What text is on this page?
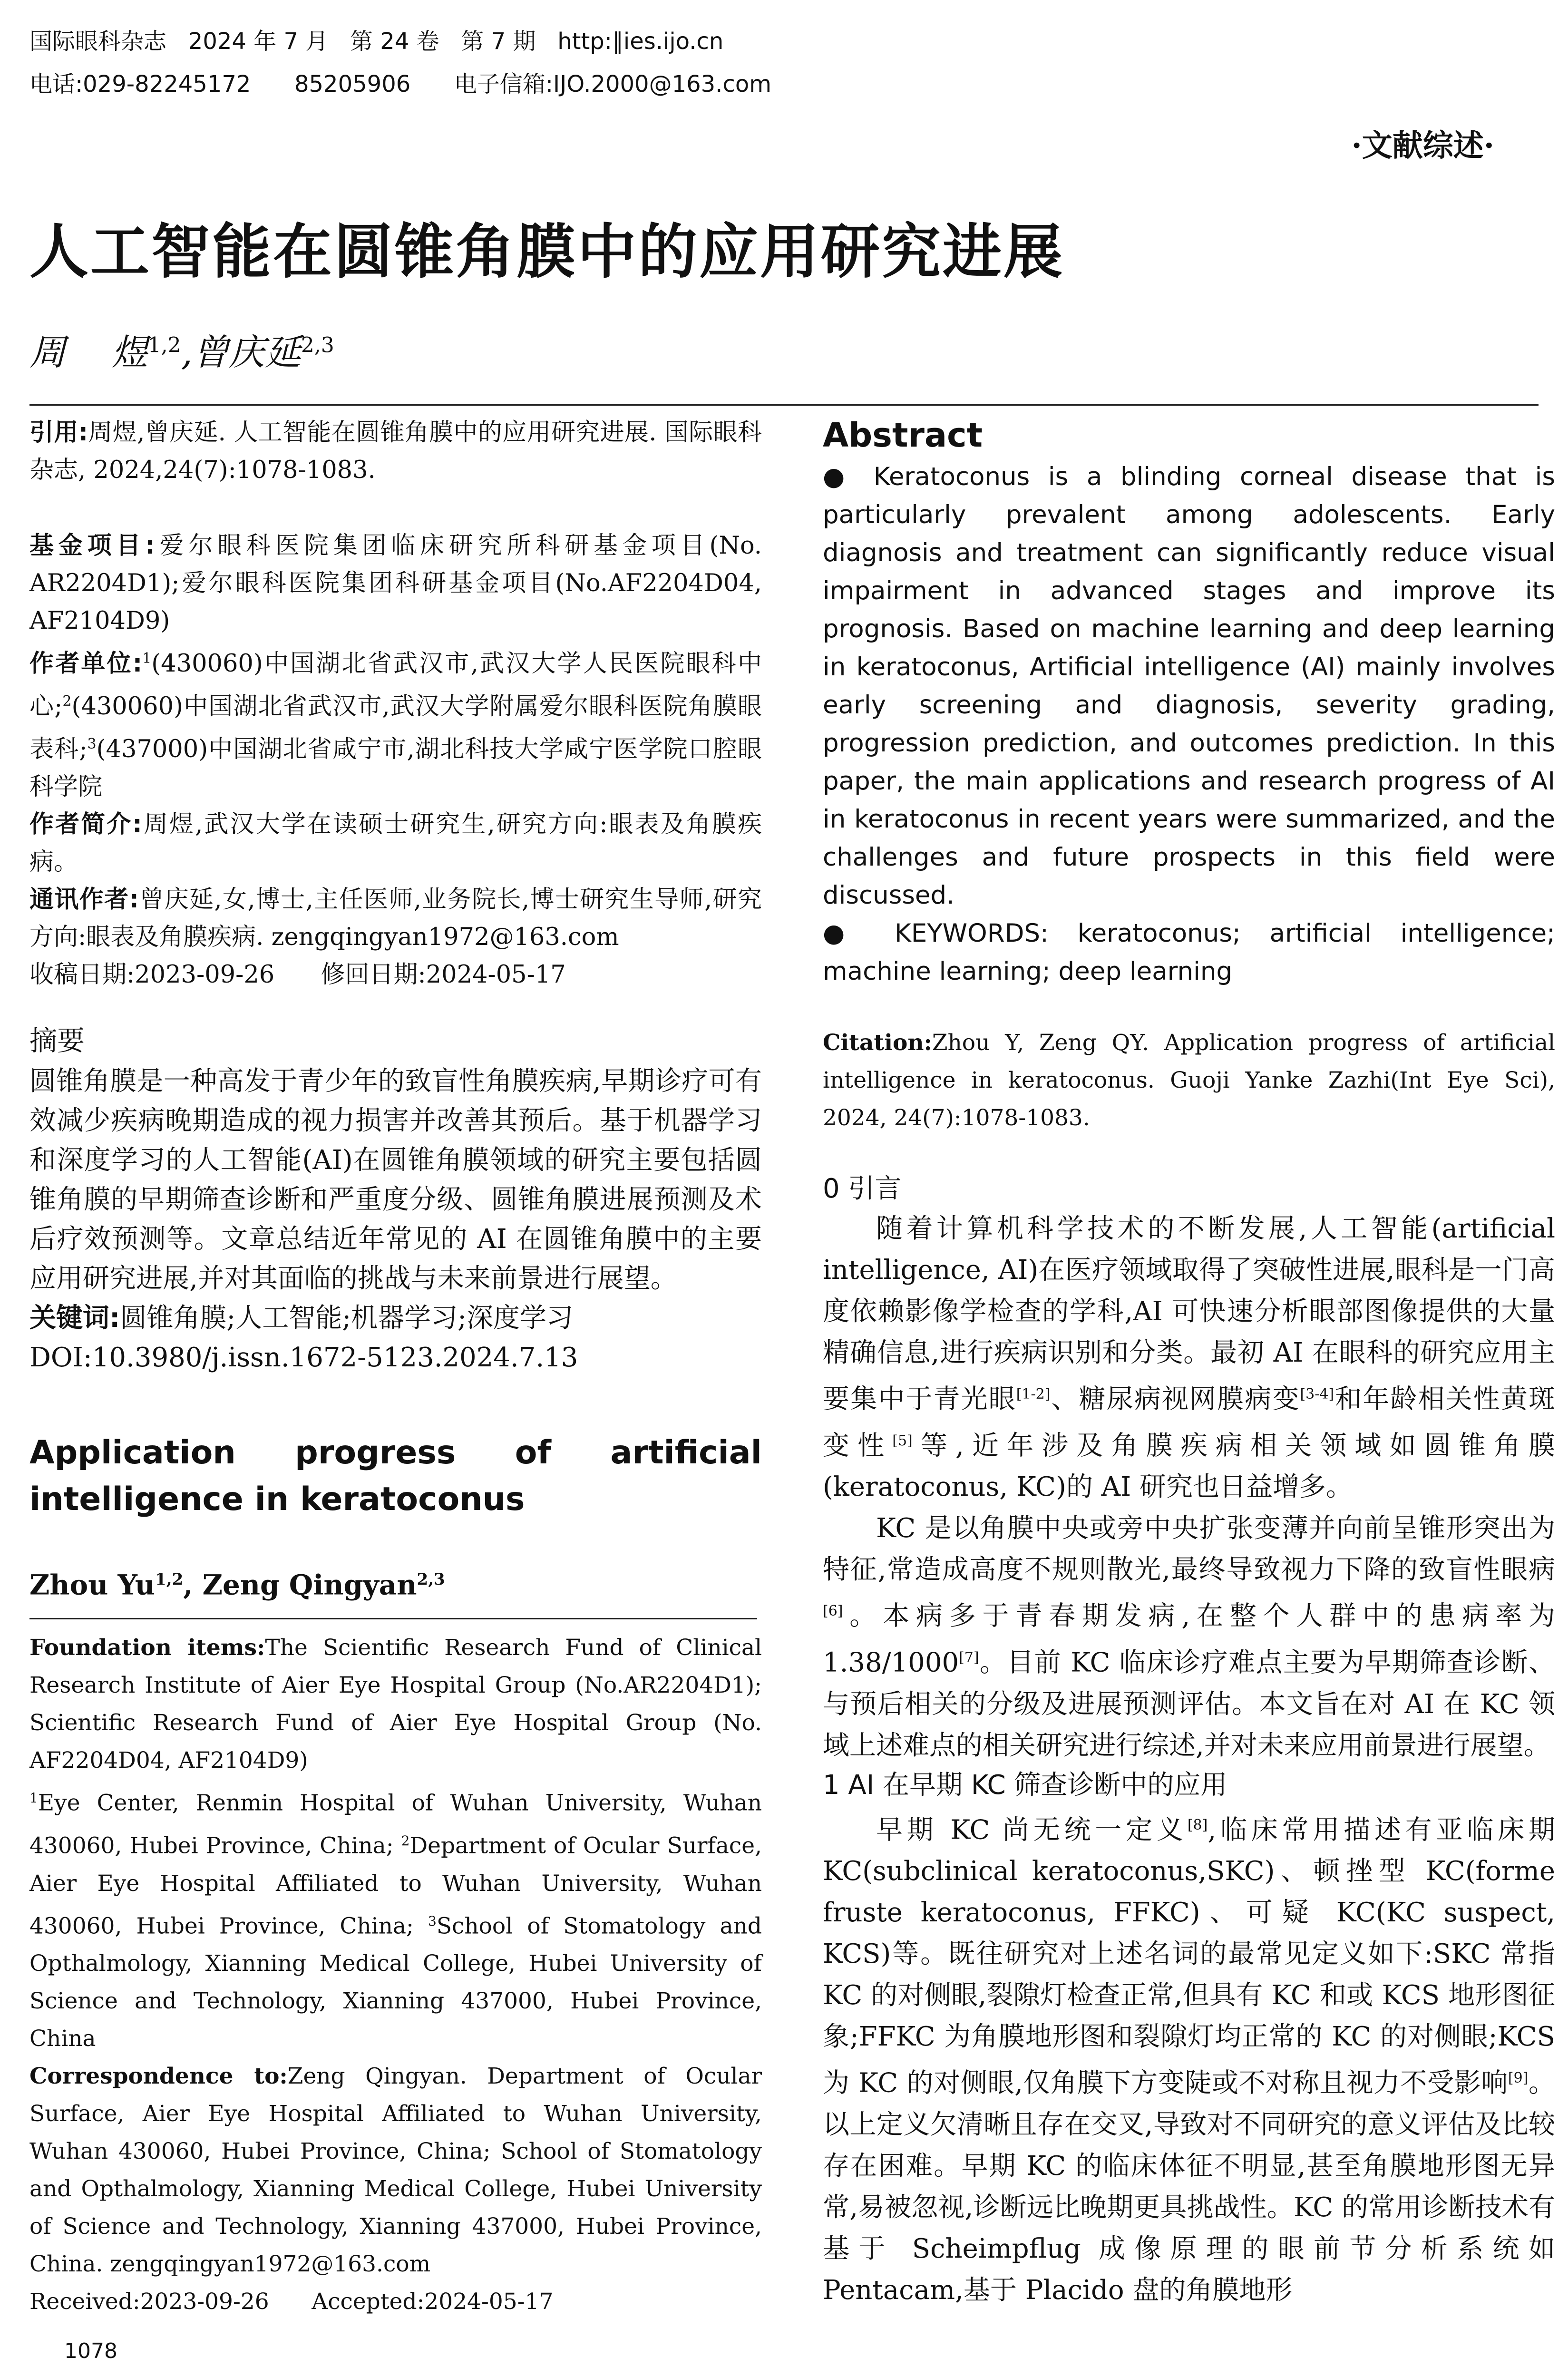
国际眼科杂志   2024 年 7 月   第 24 卷   第 7 期   http:∥ies.ijo.cn
电话:029-82245172      85205906      电子信箱:IJO.2000@163.com
·文献综述·
人工智能在圆锥角膜中的应用研究进展
周    煜$^{1,2}$,曾庆延$^{2,3}$

引用:周煜,曾庆延. 人工智能在圆锥角膜中的应用研究进展. 国际眼科杂志, 2024,24(7):1078-1083.

基金项目:爱尔眼科医院集团临床研究所科研基金项目(No. AR2204D1);爱尔眼科医院集团科研基金项目(No.AF2204D04, AF2104D9)

作者单位:$^1$(430060)中国湖北省武汉市,武汉大学人民医院眼科中心;$^2$(430060)中国湖北省武汉市,武汉大学附属爱尔眼科医院角膜眼表科;$^3$(437000)中国湖北省咸宁市,湖北科技大学咸宁医学院口腔眼科学院

作者简介:周煜,武汉大学在读硕士研究生,研究方向:眼表及角膜疾病。

通讯作者:曾庆延,女,博士,主任医师,业务院长,博士研究生导师,研究方向:眼表及角膜疾病. zengqingyan1972@163.com

收稿日期:2023-09-26      修回日期:2024-05-17

摘要

圆锥角膜是一种高发于青少年的致盲性角膜疾病,早期诊疗可有效减少疾病晚期造成的视力损害并改善其预后。基于机器学习和深度学习的人工智能(AI)在圆锥角膜领域的研究主要包括圆锥角膜的早期筛查诊断和严重度分级、圆锥角膜进展预测及术后疗效预测等。文章总结近年常见的 AI 在圆锥角膜中的主要应用研究进展,并对其面临的挑战与未来前景进行展望。

关键词:圆锥角膜;人工智能;机器学习;深度学习

DOI:10.3980/j.issn.1672-5123.2024.7.13

Application progress of artificial
intelligence in keratoconus
Zhou Yu$^{1,2}$, Zeng Qingyan$^{2,3}$

Foundation items:The Scientific Research Fund of Clinical Research Institute of Aier Eye Hospital Group (No.AR2204D1); Scientific Research Fund of Aier Eye Hospital Group (No. AF2204D04, AF2104D9)

$^1$Eye Center, Renmin Hospital of Wuhan University, Wuhan 430060, Hubei Province, China; $^2$Department of Ocular Surface, Aier Eye Hospital Affiliated to Wuhan University, Wuhan 430060, Hubei Province, China; $^3$School of Stomatology and Opthalmology, Xianning Medical College, Hubei University of Science and Technology, Xianning 437000, Hubei Province, China

Correspondence to:Zeng Qingyan. Department of Ocular Surface, Aier Eye Hospital Affiliated to Wuhan University, Wuhan 430060, Hubei Province, China; School of Stomatology and Opthalmology, Xianning Medical College, Hubei University of Science and Technology, Xianning 437000, Hubei Province, China. zengqingyan1972@163.com

Received:2023-09-26      Accepted:2024-05-17

Abstract

● Keratoconus is a blinding corneal disease that is particularly prevalent among adolescents. Early diagnosis and treatment can significantly reduce visual impairment in advanced stages and improve its prognosis. Based on machine learning and deep learning in keratoconus, Artificial intelligence (AI) mainly involves early screening and diagnosis, severity grading, progression prediction, and outcomes prediction. In this paper, the main applications and research progress of AI in keratoconus in recent years were summarized, and the challenges and future prospects in this field were discussed.

● KEYWORDS: keratoconus; artificial intelligence; machine learning; deep learning

Citation:Zhou Y, Zeng QY. Application progress of artificial intelligence in keratoconus. Guoji Yanke Zazhi(Int Eye Sci), 2024, 24(7):1078-1083.

0 引言

随着计算机科学技术的不断发展,人工智能(artificial intelligence, AI)在医疗领域取得了突破性进展,眼科是一门高度依赖影像学检查的学科,AI 可快速分析眼部图像提供的大量精确信息,进行疾病识别和分类。最初 AI 在眼科的研究应用主要集中于青光眼[1-2]、糖尿病视网膜病变[3-4]和年龄相关性黄斑变性[5]等,近年涉及角膜疾病相关领域如圆锥角膜(keratoconus, KC)的 AI 研究也日益增多。

KC 是以角膜中央或旁中央扩张变薄并向前呈锥形突出为特征,常造成高度不规则散光,最终导致视力下降的致盲性眼病[6]。本病多于青春期发病,在整个人群中的患病率为 1.38/1000[7]。目前 KC 临床诊疗难点主要为早期筛查诊断、与预后相关的分级及进展预测评估。本文旨在对 AI 在 KC 领域上述难点的相关研究进行综述,并对未来应用前景进行展望。

1 AI 在早期 KC 筛查诊断中的应用

早期 KC 尚无统一定义[8],临床常用描述有亚临床期 KC(subclinical keratoconus,SKC)、顿挫型 KC(forme fruste keratoconus, FFKC)、可疑 KC(KC suspect, KCS)等。既往研究对上述名词的最常见定义如下:SKC 常指 KC 的对侧眼,裂隙灯检查正常,但具有 KC 和或 KCS 地形图征象;FFKC 为角膜地形图和裂隙灯均正常的 KC 的对侧眼;KCS 为 KC 的对侧眼,仅角膜下方变陡或不对称且视力不受影响[9]。以上定义欠清晰且存在交叉,导致对不同研究的意义评估及比较存在困难。早期 KC 的临床体征不明显,甚至角膜地形图无异常,易被忽视,诊断远比晚期更具挑战性。KC 的常用诊断技术有基于 Scheimpflug 成像原理的眼前节分析系统如 Pentacam,基于 Placido 盘的角膜地形

1078
